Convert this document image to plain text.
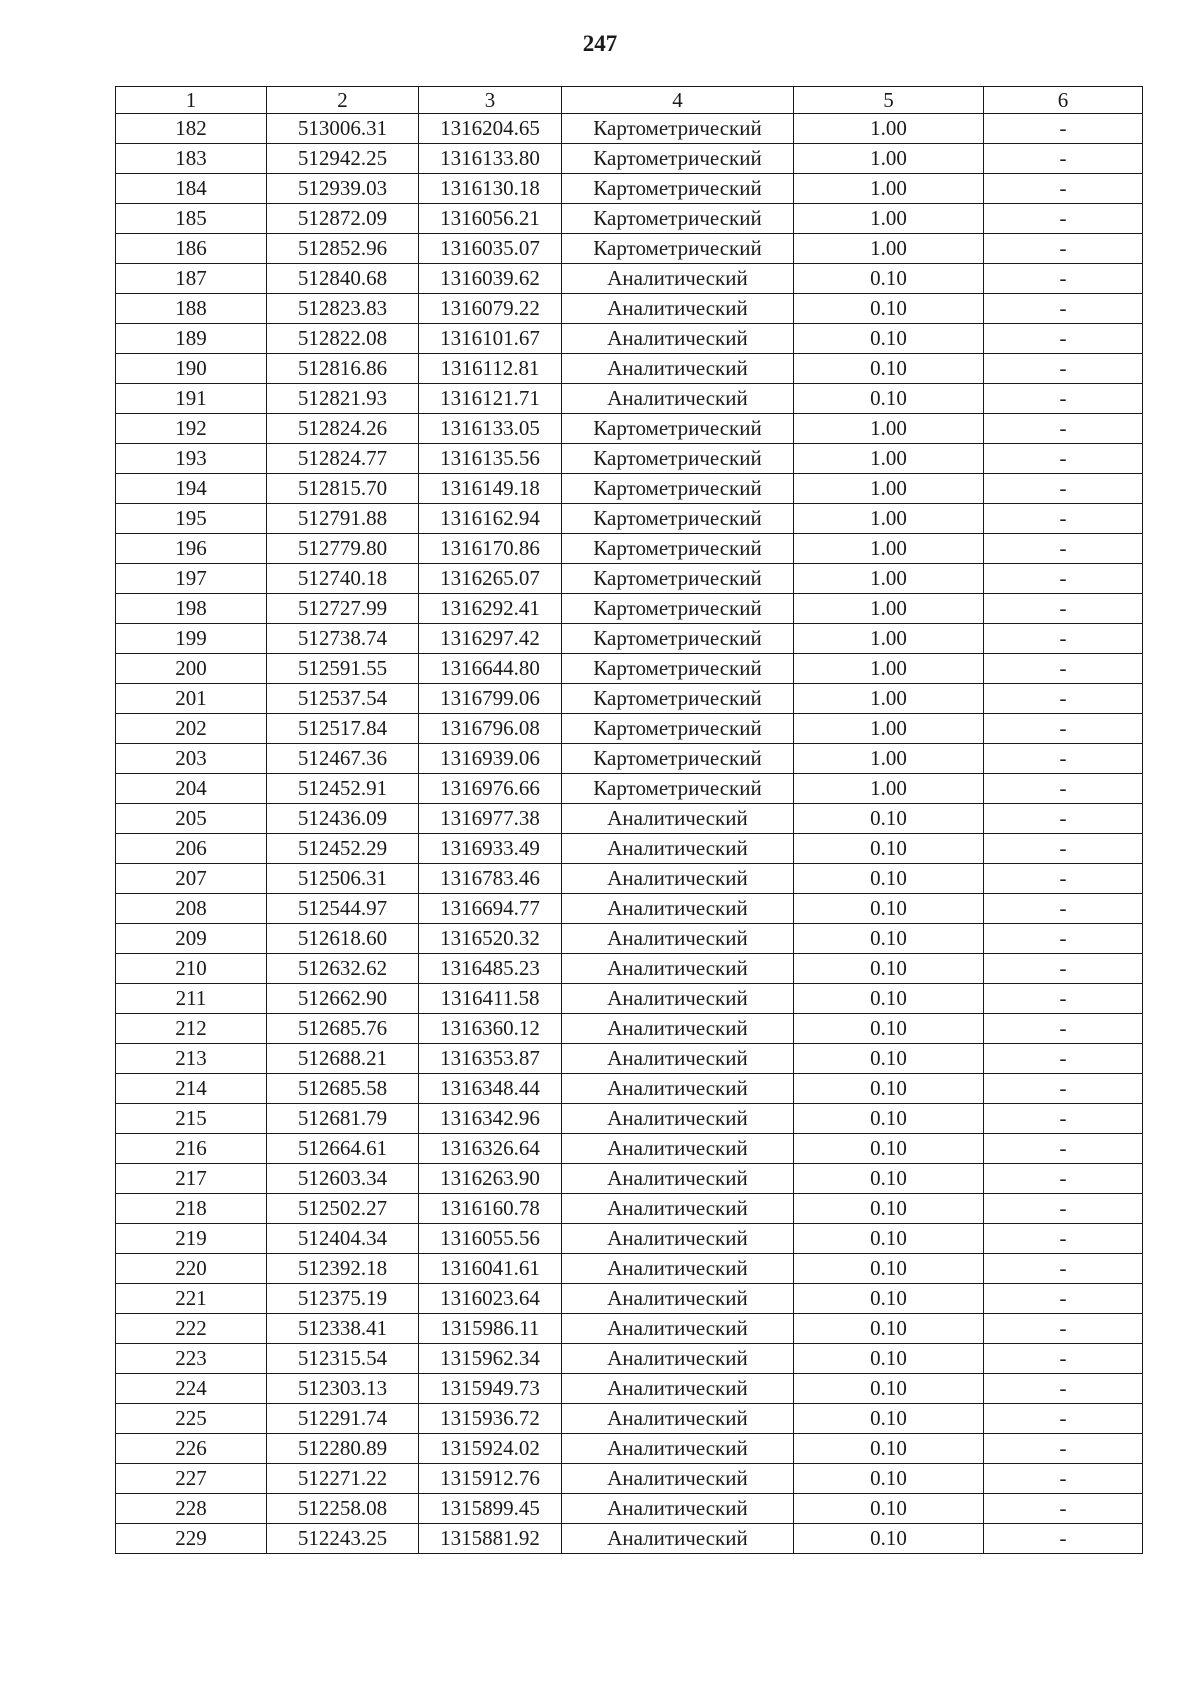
247
1	2	3	4	5	6
182	513006.31	1316204.65	Картометрический	1.00	-
183	512942.25	1316133.80	Картометрический	1.00	-
184	512939.03	1316130.18	Картометрический	1.00	-
185	512872.09	1316056.21	Картометрический	1.00	-
186	512852.96	1316035.07	Картометрический	1.00	-
187	512840.68	1316039.62	Аналитический	0.10	-
188	512823.83	1316079.22	Аналитический	0.10	-
189	512822.08	1316101.67	Аналитический	0.10	-
190	512816.86	1316112.81	Аналитический	0.10	-
191	512821.93	1316121.71	Аналитический	0.10	-
192	512824.26	1316133.05	Картометрический	1.00	-
193	512824.77	1316135.56	Картометрический	1.00	-
194	512815.70	1316149.18	Картометрический	1.00	-
195	512791.88	1316162.94	Картометрический	1.00	-
196	512779.80	1316170.86	Картометрический	1.00	-
197	512740.18	1316265.07	Картометрический	1.00	-
198	512727.99	1316292.41	Картометрический	1.00	-
199	512738.74	1316297.42	Картометрический	1.00	-
200	512591.55	1316644.80	Картометрический	1.00	-
201	512537.54	1316799.06	Картометрический	1.00	-
202	512517.84	1316796.08	Картометрический	1.00	-
203	512467.36	1316939.06	Картометрический	1.00	-
204	512452.91	1316976.66	Картометрический	1.00	-
205	512436.09	1316977.38	Аналитический	0.10	-
206	512452.29	1316933.49	Аналитический	0.10	-
207	512506.31	1316783.46	Аналитический	0.10	-
208	512544.97	1316694.77	Аналитический	0.10	-
209	512618.60	1316520.32	Аналитический	0.10	-
210	512632.62	1316485.23	Аналитический	0.10	-
211	512662.90	1316411.58	Аналитический	0.10	-
212	512685.76	1316360.12	Аналитический	0.10	-
213	512688.21	1316353.87	Аналитический	0.10	-
214	512685.58	1316348.44	Аналитический	0.10	-
215	512681.79	1316342.96	Аналитический	0.10	-
216	512664.61	1316326.64	Аналитический	0.10	-
217	512603.34	1316263.90	Аналитический	0.10	-
218	512502.27	1316160.78	Аналитический	0.10	-
219	512404.34	1316055.56	Аналитический	0.10	-
220	512392.18	1316041.61	Аналитический	0.10	-
221	512375.19	1316023.64	Аналитический	0.10	-
222	512338.41	1315986.11	Аналитический	0.10	-
223	512315.54	1315962.34	Аналитический	0.10	-
224	512303.13	1315949.73	Аналитический	0.10	-
225	512291.74	1315936.72	Аналитический	0.10	-
226	512280.89	1315924.02	Аналитический	0.10	-
227	512271.22	1315912.76	Аналитический	0.10	-
228	512258.08	1315899.45	Аналитический	0.10	-
229	512243.25	1315881.92	Аналитический	0.10	-
